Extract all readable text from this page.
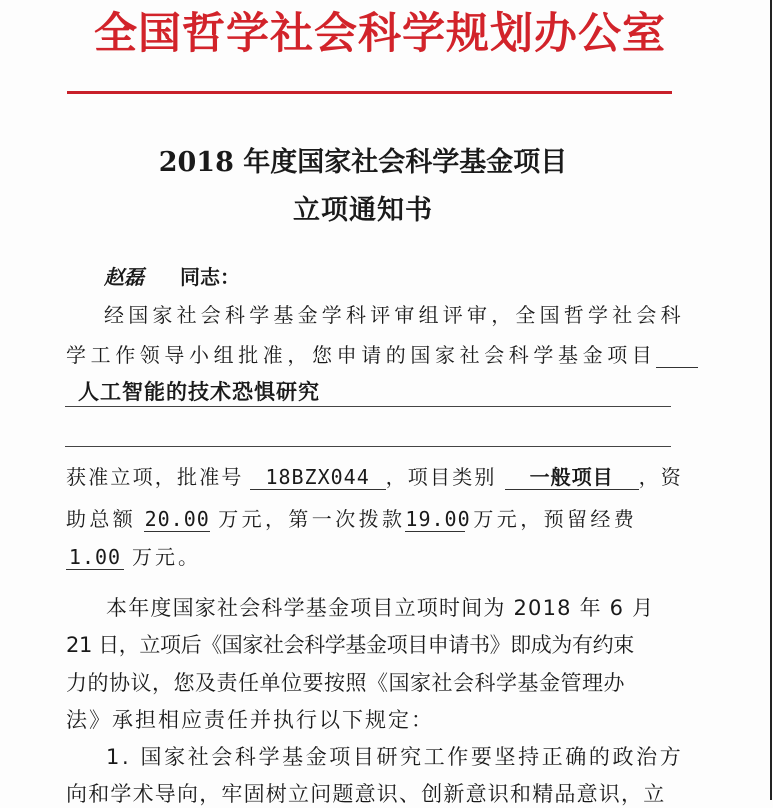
全国哲学社会科学规划办公室
2018 年度国家社会科学基金项目
立项通知书
赵磊 同志：
经国家社会科学基金学科评审组评审，全国哲学社会科
学工作领导小组批准，您申请的国家社会科学基金项目
人工智能的技术恐惧研究
获准立项，批准号 18BZX044 ，项目类别 一般项目 ，资
助总额 20.00 万元，第一次拨款19.00 万元，预留经费
1.00 万元。
本年度国家社会科学基金项目立项时间为 2018 年 6 月
21 日，立项后《国家社会科学基金项目申请书》即成为有约束
力的协议，您及责任单位要按照《国家社会科学基金管理办
法》承担相应责任并执行以下规定：
1. 国家社会科学基金项目研究工作要坚持正确的政治方
向和学术导向，牢固树立问题意识、创新意识和精品意识，立
